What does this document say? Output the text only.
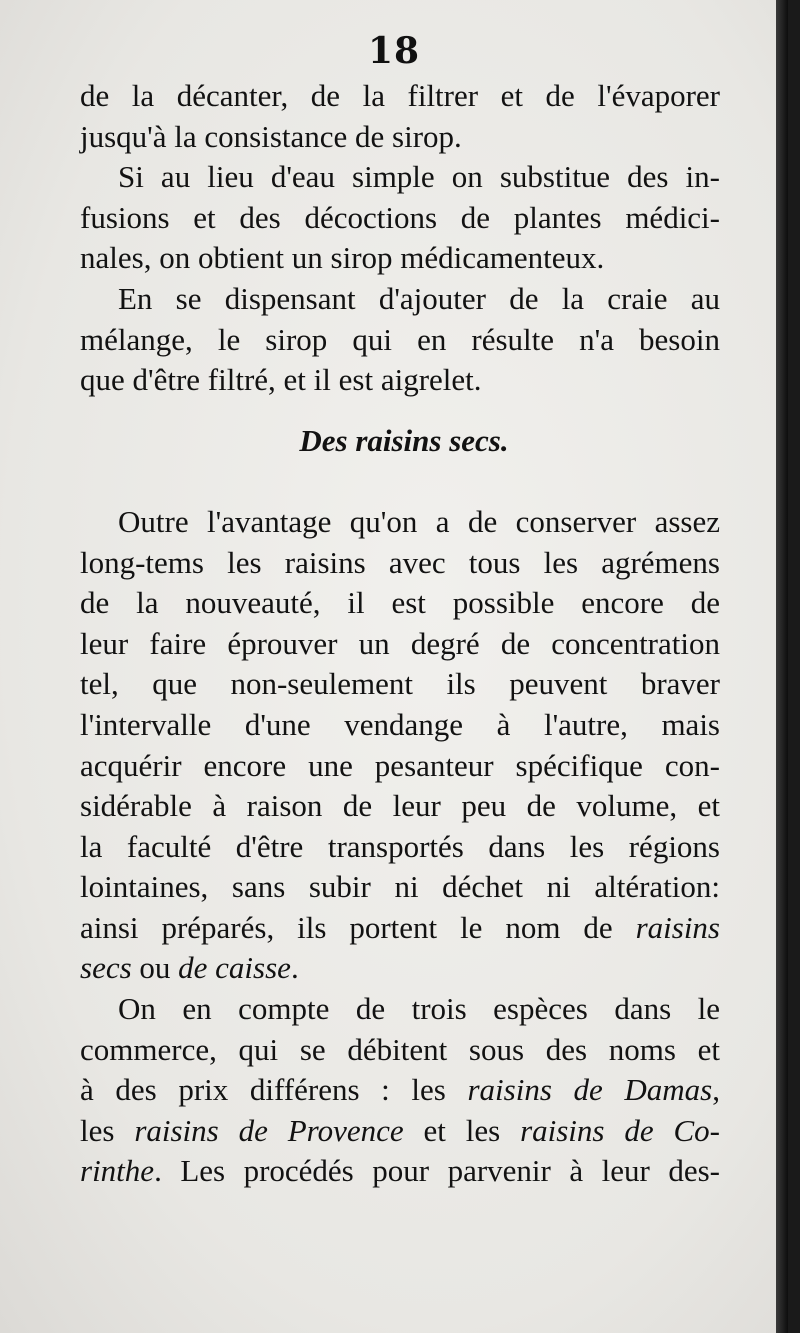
18
de la décanter, de la filtrer et de l'évaporer
jusqu'à la consistance de sirop.
Si au lieu d'eau simple on substitue des in-
fusions et des décoctions de plantes médici-
nales, on obtient un sirop médicamenteux.
En se dispensant d'ajouter de la craie au
mélange, le sirop qui en résulte n'a besoin
que d'être filtré, et il est aigrelet.
Des raisins secs.
Outre l'avantage qu'on a de conserver assez
long-tems les raisins avec tous les agrémens
de la nouveauté, il est possible encore de
leur faire éprouver un degré de concentration
tel, que non-seulement ils peuvent braver
l'intervalle d'une vendange à l'autre, mais
acquérir encore une pesanteur spécifique con-
sidérable à raison de leur peu de volume, et
la faculté d'être transportés dans les régions
lointaines, sans subir ni déchet ni altération:
ainsi préparés, ils portent le nom de raisins
secs ou de caisse.
On en compte de trois espèces dans le
commerce, qui se débitent sous des noms et
à des prix différens : les raisins de Damas,
les raisins de Provence et les raisins de Co-
rinthe. Les procédés pour parvenir à leur des-
